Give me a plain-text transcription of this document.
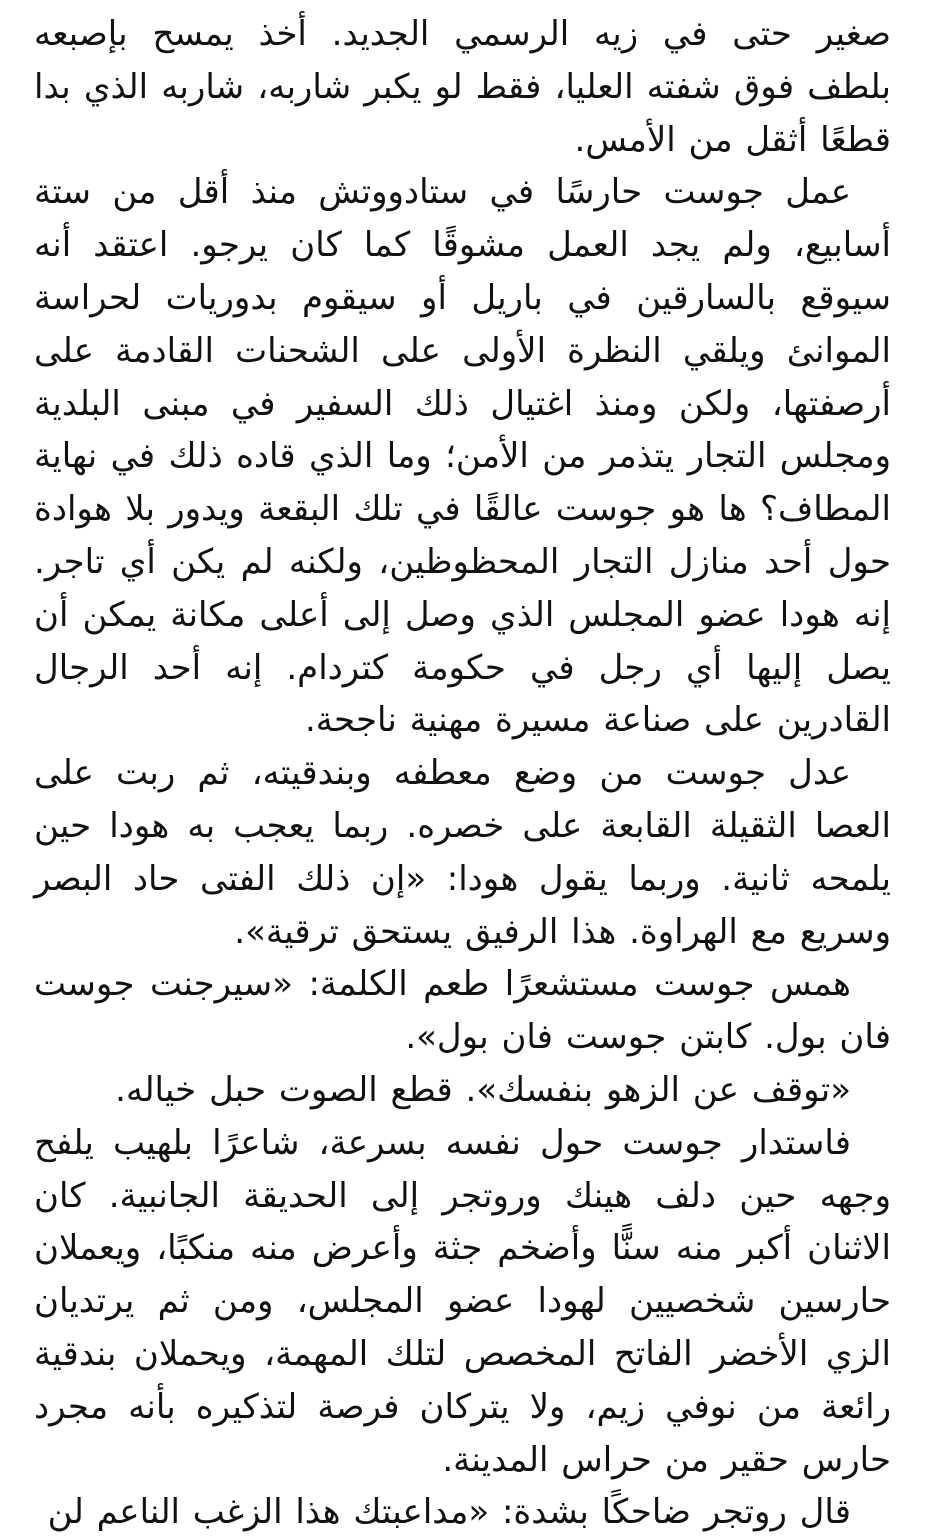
صغير حتى في زيه الرسمي الجديد. أخذ يمسح بإصبعه بلطف فوق شفته العليا، فقط لو يكبر شاربه، شاربه الذي بدا قطعًا أثقل من الأمس.

عمل جوست حارسًا في ستادووتش منذ أقل من ستة أسابيع، ولم يجد العمل مشوقًا كما كان يرجو. اعتقد أنه سيوقع بالسارقين في باريل أو سيقوم بدوريات لحراسة الموانئ ويلقي النظرة الأولى على الشحنات القادمة على أرصفتها، ولكن ومنذ اغتيال ذلك السفير في مبنى البلدية ومجلس التجار يتذمر من الأمن؛ وما الذي قاده ذلك في نهاية المطاف؟ ها هو جوست عالقًا في تلك البقعة ويدور بلا هوادة حول أحد منازل التجار المحظوظين، ولكنه لم يكن أي تاجر. إنه هودا عضو المجلس الذي وصل إلى أعلى مكانة يمكن أن يصل إليها أي رجل في حكومة كتردام. إنه أحد الرجال القادرين على صناعة مسيرة مهنية ناجحة.

عدل جوست من وضع معطفه وبندقيته، ثم ربت على العصا الثقيلة القابعة على خصره. ربما يعجب به هودا حين يلمحه ثانية. وربما يقول هودا: «إن ذلك الفتى حاد البصر وسريع مع الهراوة. هذا الرفيق يستحق ترقية».

همس جوست مستشعرًا طعم الكلمة: «سيرجنت جوست فان بول. كابتن جوست فان بول».

«توقف عن الزهو بنفسك». قطع الصوت حبل خياله.

فاستدار جوست حول نفسه بسرعة، شاعرًا بلهيب يلفح وجهه حين دلف هينك وروتجر إلى الحديقة الجانبية. كان الاثنان أكبر منه سنًّا وأضخم جثة وأعرض منه منكبًا، ويعملان حارسين شخصيين لهودا عضو المجلس، ومن ثم يرتديان الزي الأخضر الفاتح المخصص لتلك المهمة، ويحملان بندقية رائعة من نوفي زيم، ولا يتركان فرصة لتذكيره بأنه مجرد حارس حقير من حراس المدينة.

قال روتجر ضاحكًا بشدة: «مداعبتك هذا الزغب الناعم لن
